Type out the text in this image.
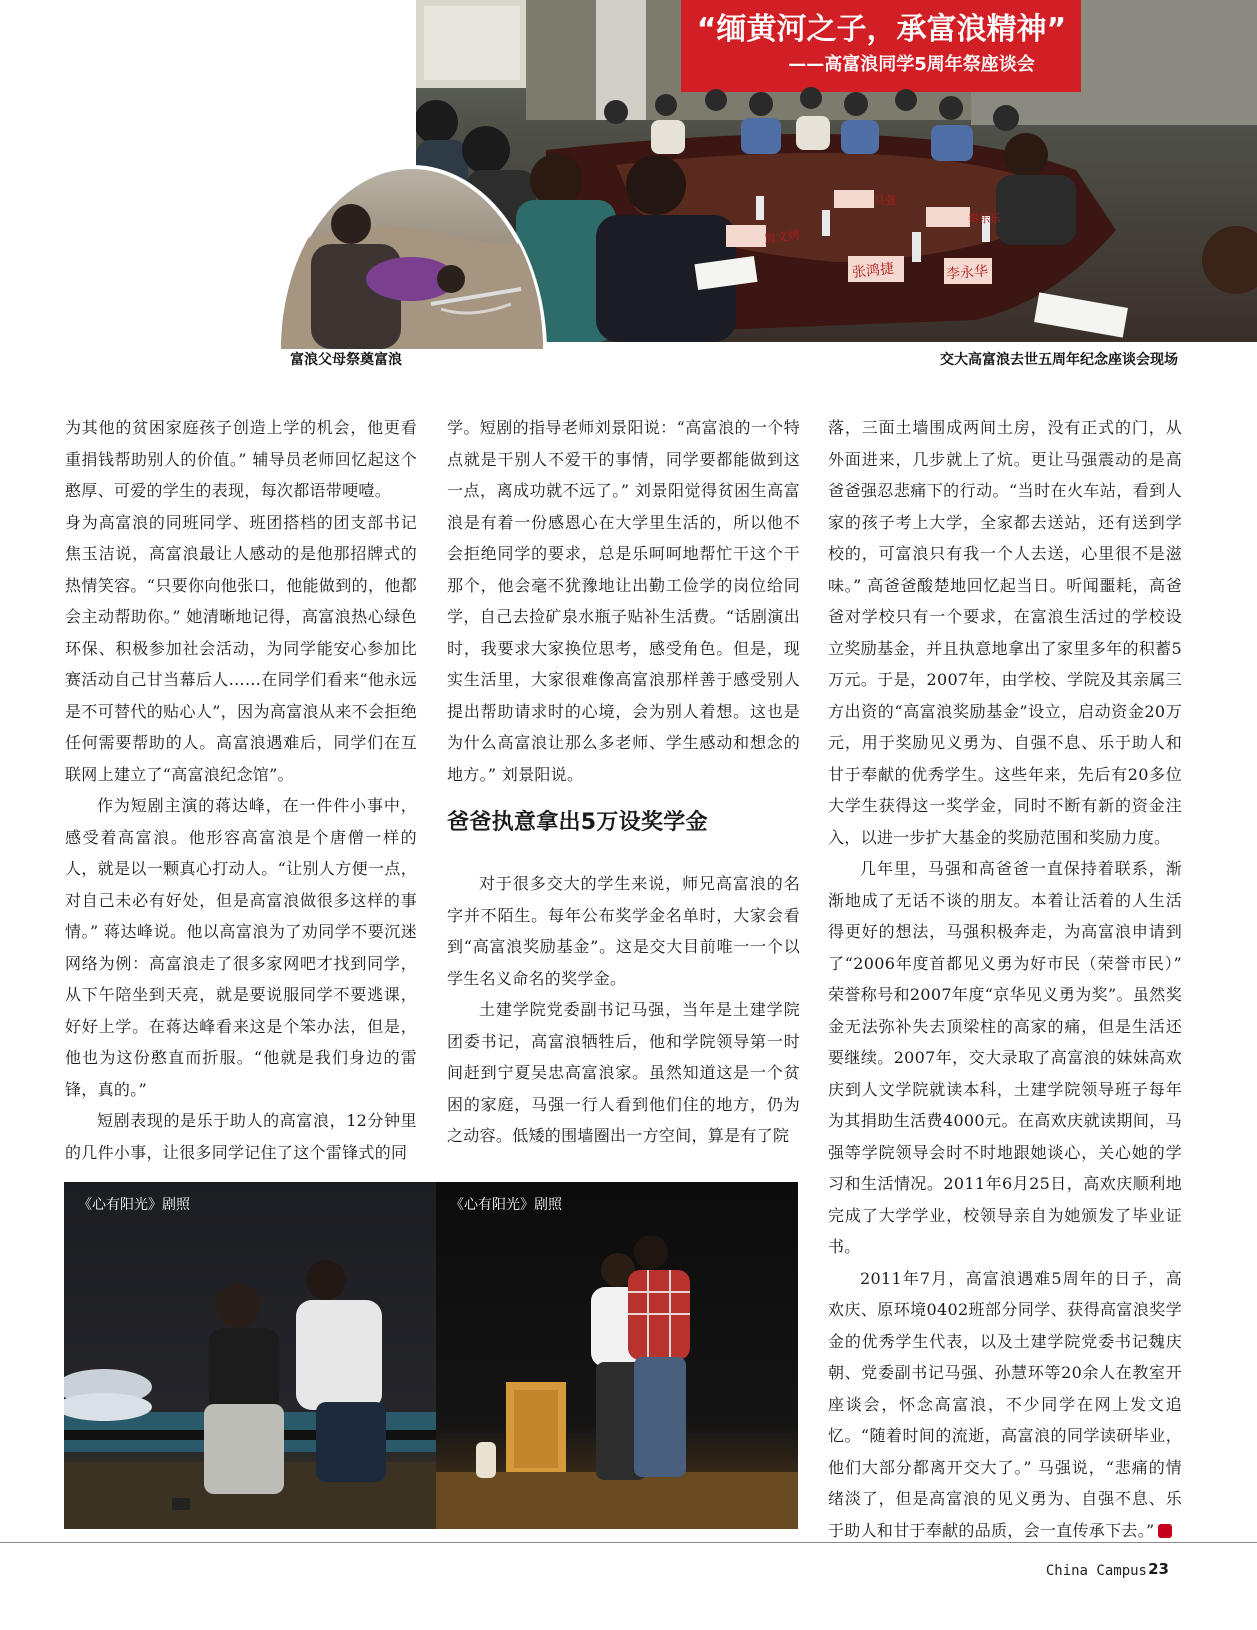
“缅黄河之子，承富浪精神”
——高富浪同学5周年祭座谈会
周文娉
张鸿捷	李永华
马强
秦乐乐
富浪父母祭奠富浪	交大高富浪去世五周年纪念座谈会现场

为其他的贫困家庭孩子创造上学的机会，他更看重捐钱帮助别人的价值。” 辅导员老师回忆起这个憨厚、可爱的学生的表现，每次都语带哽噎。

身为高富浪的同班同学、班团搭档的团支部书记焦玉洁说，高富浪最让人感动的是他那招牌式的热情笑容。“只要你向他张口，他能做到的，他都会主动帮助你。” 她清晰地记得，高富浪热心绿色环保、积极参加社会活动，为同学能安心参加比赛活动自己甘当幕后人……在同学们看来“他永远是不可替代的贴心人”，因为高富浪从来不会拒绝任何需要帮助的人。高富浪遇难后，同学们在互联网上建立了“高富浪纪念馆”。

作为短剧主演的蒋达峰，在一件件小事中，感受着高富浪。他形容高富浪是个唐僧一样的人，就是以一颗真心打动人。“让别人方便一点，对自己未必有好处，但是高富浪做很多这样的事情。” 蒋达峰说。他以高富浪为了劝同学不要沉迷网络为例：高富浪走了很多家网吧才找到同学，从下午陪坐到天亮，就是要说服同学不要逃课，好好上学。在蒋达峰看来这是个笨办法，但是，他也为这份憨直而折服。“他就是我们身边的雷锋，真的。”

短剧表现的是乐于助人的高富浪，12分钟里的几件小事，让很多同学记住了这个雷锋式的同

学。短剧的指导老师刘景阳说：“高富浪的一个特点就是干别人不爱干的事情，同学要都能做到这一点，离成功就不远了。” 刘景阳觉得贫困生高富浪是有着一份感恩心在大学里生活的，所以他不会拒绝同学的要求，总是乐呵呵地帮忙干这个干那个，他会毫不犹豫地让出勤工俭学的岗位给同学，自己去捡矿泉水瓶子贴补生活费。“话剧演出时，我要求大家换位思考，感受角色。但是，现实生活里，大家很难像高富浪那样善于感受别人提出帮助请求时的心境，会为别人着想。这也是为什么高富浪让那么多老师、学生感动和想念的地方。” 刘景阳说。

爸爸执意拿出5万设奖学金

对于很多交大的学生来说，师兄高富浪的名字并不陌生。每年公布奖学金名单时，大家会看到“高富浪奖励基金”。这是交大目前唯一一个以学生名义命名的奖学金。

土建学院党委副书记马强，当年是土建学院团委书记，高富浪牺牲后，他和学院领导第一时间赶到宁夏吴忠高富浪家。虽然知道这是一个贫困的家庭，马强一行人看到他们住的地方，仍为之动容。低矮的围墙圈出一方空间，算是有了院

落，三面土墙围成两间土房，没有正式的门，从外面进来，几步就上了炕。更让马强震动的是高爸爸强忍悲痛下的行动。“当时在火车站，看到人家的孩子考上大学，全家都去送站，还有送到学校的，可富浪只有我一个人去送，心里很不是滋味。” 高爸爸酸楚地回忆起当日。听闻噩耗，高爸爸对学校只有一个要求，在富浪生活过的学校设立奖励基金，并且执意地拿出了家里多年的积蓄5万元。于是，2007年，由学校、学院及其亲属三方出资的“高富浪奖励基金”设立，启动资金20万元，用于奖励见义勇为、自强不息、乐于助人和甘于奉献的优秀学生。这些年来，先后有20多位大学生获得这一奖学金，同时不断有新的资金注入，以进一步扩大基金的奖励范围和奖励力度。

几年里，马强和高爸爸一直保持着联系，渐渐地成了无话不谈的朋友。本着让活着的人生活得更好的想法，马强积极奔走，为高富浪申请到了“2006年度首都见义勇为好市民（荣誉市民）” 荣誉称号和2007年度“京华见义勇为奖”。虽然奖金无法弥补失去顶梁柱的高家的痛，但是生活还要继续。2007年，交大录取了高富浪的妹妹高欢庆到人文学院就读本科，土建学院领导班子每年为其捐助生活费4000元。在高欢庆就读期间，马强等学院领导会时不时地跟她谈心，关心她的学习和生活情况。2011年6月25日，高欢庆顺利地完成了大学学业，校领导亲自为她颁发了毕业证书。

2011年7月，高富浪遇难5周年的日子，高欢庆、原环境0402班部分同学、获得高富浪奖学金的优秀学生代表，以及土建学院党委书记魏庆朝、党委副书记马强、孙慧环等20余人在教室开座谈会，怀念高富浪，不少同学在网上发文追忆。“随着时间的流逝，高富浪的同学读研毕业，他们大部分都离开交大了。” 马强说，“悲痛的情绪淡了，但是高富浪的见义勇为、自强不息、乐于助人和甘于奉献的品质，会一直传承下去。”

《心有阳光》剧照	《心有阳光》剧照
China Campus 23
